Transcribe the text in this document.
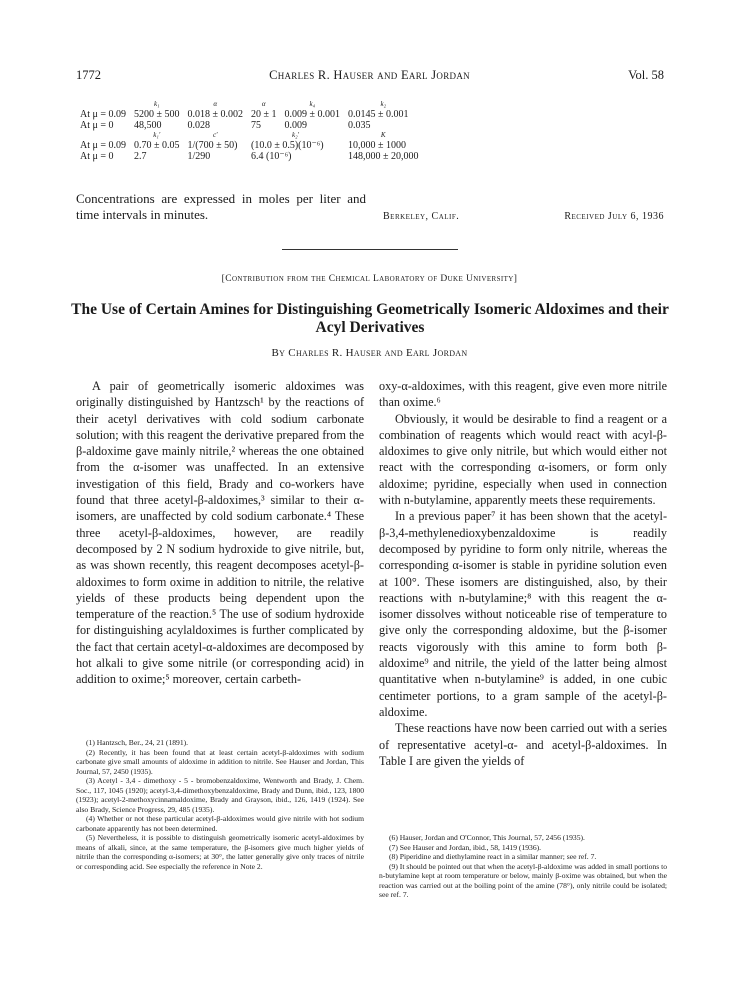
1772	Charles R. Hauser and Earl Jordan	Vol. 58
	k₁	α	α	k₄	k₂
At μ = 0.09	5200 ± 500	0.018 ± 0.002	20 ± 1	0.009 ± 0.001	0.0145 ± 0.001
At μ = 0	48,500	0.028	75	0.009	0.035
	k₁′	c′	k₂′		K
At μ = 0.09	0.70 ± 0.05	1/(700 ± 50)	(10.0 ± 0.5)(10⁻⁶)		10,000 ± 1000
At μ = 0	2.7	1/290	6.4 (10⁻⁶)		148,000 ± 20,000
Concentrations are expressed in moles per liter and time intervals in minutes.	Berkeley, Calif.	Received July 6, 1936
[Contribution from the Chemical Laboratory of Duke University]
The Use of Certain Amines for Distinguishing Geometrically Isomeric Aldoximes and their Acyl Derivatives
By Charles R. Hauser and Earl Jordan

A pair of geometrically isomeric aldoximes was originally distinguished by Hantzsch¹ by the reactions of their acetyl derivatives with cold sodium carbonate solution; with this reagent the derivative prepared from the β-aldoxime gave mainly nitrile,² whereas the one obtained from the α-isomer was unaffected. In an extensive investigation of this field, Brady and co-workers have found that three acetyl-β-aldoximes,³ similar to their α-isomers, are unaffected by cold sodium carbonate.⁴ These three acetyl-β-aldoximes, however, are readily decomposed by 2 N sodium hydroxide to give nitrile, but, as was shown recently, this reagent decomposes acetyl-β-aldoximes to form oxime in addition to nitrile, the relative yields of these products being dependent upon the temperature of the reaction.⁵ The use of sodium hydroxide for distinguishing acylaldoximes is further complicated by the fact that certain acetyl-α-aldoximes are decomposed by hot alkali to give some nitrile (or corresponding acid) in addition to oxime;⁵ moreover, certain carbeth-

oxy-α-aldoximes, with this reagent, give even more nitrile than oxime.⁶

Obviously, it would be desirable to find a reagent or a combination of reagents which would react with acyl-β-aldoximes to give only nitrile, but which would either not react with the corresponding α-isomers, or form only aldoxime; pyridine, especially when used in connection with n-butylamine, apparently meets these requirements.

In a previous paper⁷ it has been shown that the acetyl-β-3,4-methylenedioxybenzaldoxime is readily decomposed by pyridine to form only nitrile, whereas the corresponding α-isomer is stable in pyridine solution even at 100°. These isomers are distinguished, also, by their reactions with n-butylamine;⁸ with this reagent the α-isomer dissolves without noticeable rise of temperature to give only the corresponding aldoxime, but the β-isomer reacts vigorously with this amine to form both β-aldoxime⁹ and nitrile, the yield of the latter being almost quantitative when n-butylamine⁹ is added, in one cubic centimeter portions, to a gram sample of the acetyl-β-aldoxime.

These reactions have now been carried out with a series of representative acetyl-α- and acetyl-β-aldoximes. In Table I are given the yields of

(1) Hantzsch, Ber., 24, 21 (1891).

(2) Recently, it has been found that at least certain acetyl-β-aldoximes with sodium carbonate give small amounts of aldoxime in addition to nitrile. See Hauser and Jordan, This Journal, 57, 2450 (1935).

(3) Acetyl - 3,4 - dimethoxy - 5 - bromobenzaldoxime, Wentworth and Brady, J. Chem. Soc., 117, 1045 (1920); acetyl-3,4-dimethoxybenzaldoxime, Brady and Dunn, ibid., 123, 1800 (1923); acetyl-2-methoxycinnamaldoxime, Brady and Grayson, ibid., 126, 1419 (1924). See also Brady, Science Progress, 29, 485 (1935).

(4) Whether or not these particular acetyl-β-aldoximes would give nitrile with hot sodium carbonate apparently has not been determined.

(5) Nevertheless, it is possible to distinguish geometrically isomeric acetyl-aldoximes by means of alkali, since, at the same temperature, the β-isomers give much higher yields of nitrile than the corresponding α-isomers; at 30°, the latter generally give only traces of nitrile or corresponding acid. See especially the reference in Note 2.

(6) Hauser, Jordan and O'Connor, This Journal, 57, 2456 (1935).

(7) See Hauser and Jordan, ibid., 58, 1419 (1936).

(8) Piperidine and diethylamine react in a similar manner; see ref. 7.

(9) It should be pointed out that when the acetyl-β-aldoxime was added in small portions to n-butylamine kept at room temperature or below, mainly β-oxime was obtained, but when the reaction was carried out at the boiling point of the amine (78°), only nitrile could be isolated; see ref. 7.
